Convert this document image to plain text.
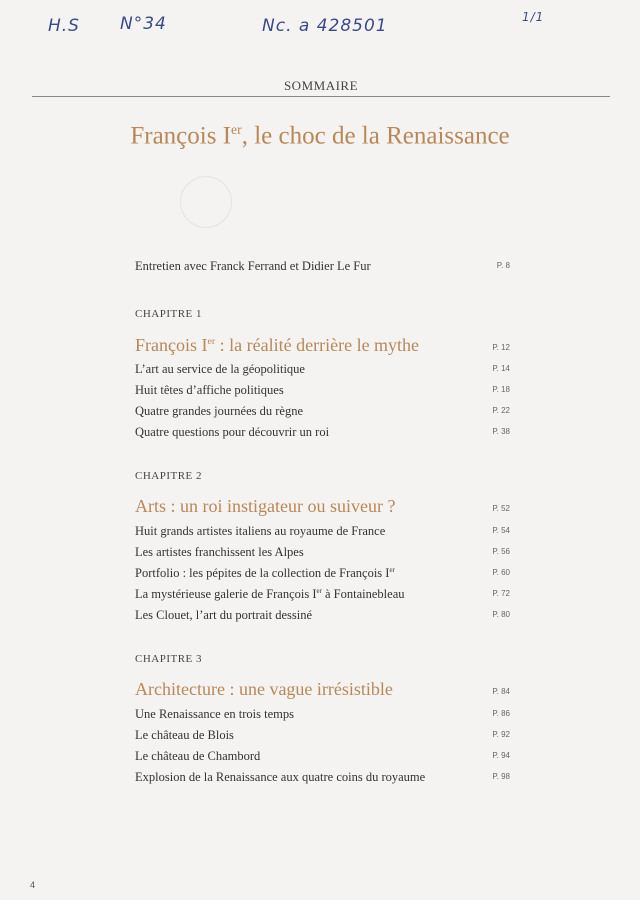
H.S N°34	Nc. a 428501	1/1
SOMMAIRE
François Ier, le choc de la Renaissance
Entretien avec Franck Ferrand et Didier Le Fur	P. 8
CHAPITRE 1
François Ier : la réalité derrière le mythe	P. 12
L’art au service de la géopolitique	P. 14
Huit têtes d’affiche politiques	P. 18
Quatre grandes journées du règne	P. 22
Quatre questions pour découvrir un roi	P. 38
CHAPITRE 2
Arts : un roi instigateur ou suiveur ?	P. 52
Huit grands artistes italiens au royaume de France	P. 54
Les artistes franchissent les Alpes	P. 56
Portfolio : les pépites de la collection de François Ier	P. 60
La mystérieuse galerie de François Ier à Fontainebleau	P. 72
Les Clouet, l’art du portrait dessiné	P. 80
CHAPITRE 3
Architecture : une vague irrésistible	P. 84
Une Renaissance en trois temps	P. 86
Le château de Blois	P. 92
Le château de Chambord	P. 94
Explosion de la Renaissance aux quatre coins du royaume	P. 98
4
